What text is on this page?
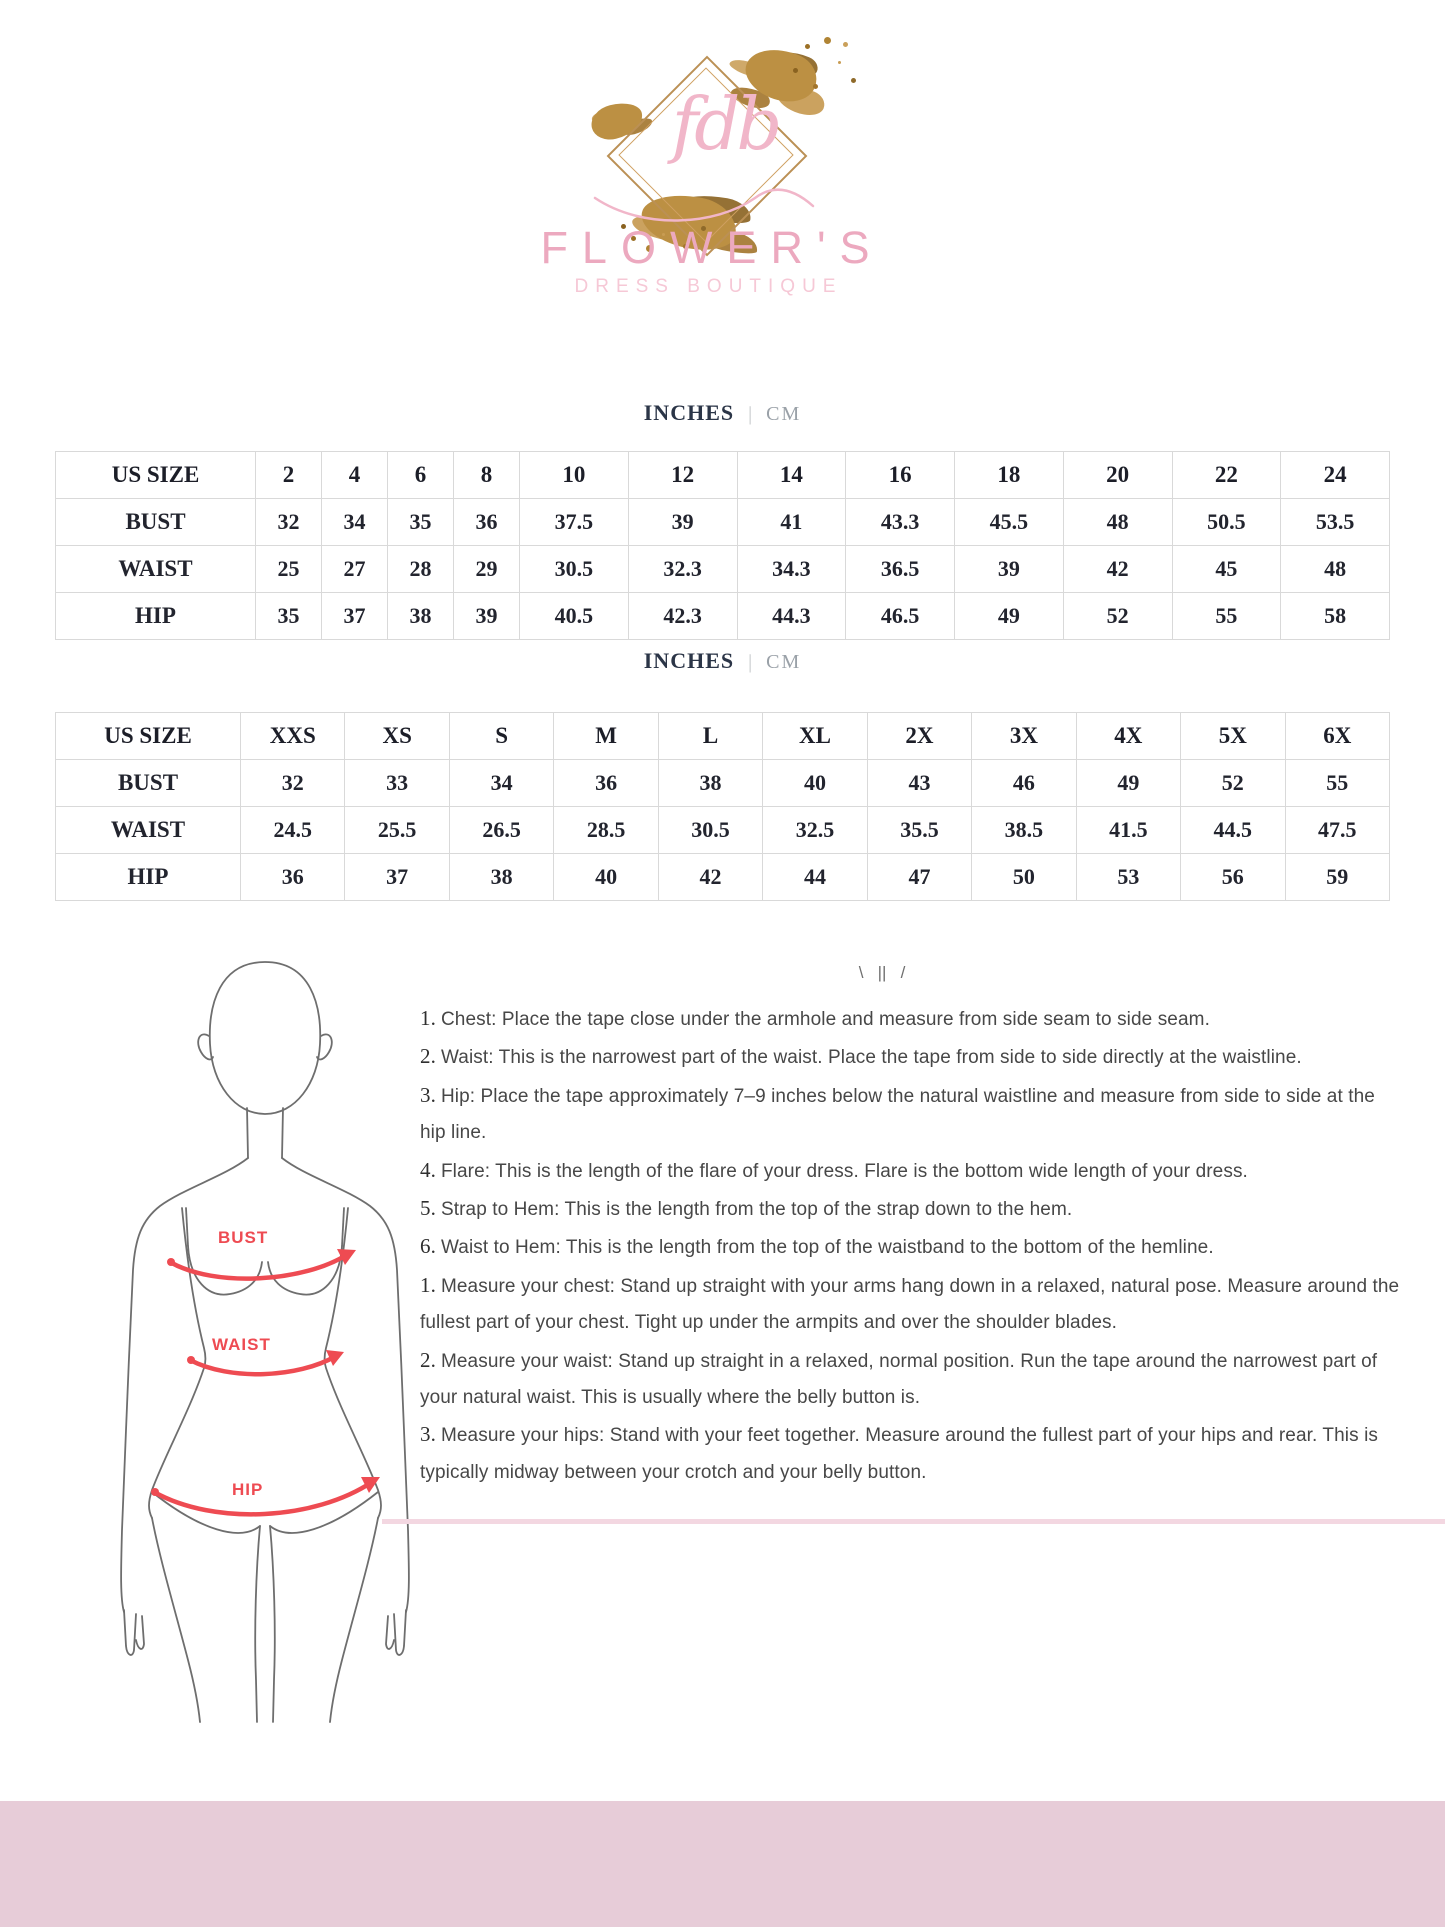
fdb
FLOWER'S
DRESS BOUTIQUE
INCHES | CM
US SIZE	2	4	6	8	10	12	14	16	18	20	22	24
BUST	32	34	35	36	37.5	39	41	43.3	45.5	48	50.5	53.5
WAIST	25	27	28	29	30.5	32.3	34.3	36.5	39	42	45	48
HIP	35	37	38	39	40.5	42.3	44.3	46.5	49	52	55	58
INCHES | CM
US SIZE	XXS	XS	S	M	L	XL	2X	3X	4X	5X	6X
BUST	32	33	34	36	38	40	43	46	49	52	55
WAIST	24.5	25.5	26.5	28.5	30.5	32.5	35.5	38.5	41.5	44.5	47.5
HIP	36	37	38	40	42	44	47	50	53	56	59
BUST
WAIST
HIP
\   ||   /
1. Chest: Place the tape close under the armhole and measure from side seam to side seam.
2. Waist: This is the narrowest part of the waist. Place the tape from side to side directly at the waistline.
3. Hip: Place the tape approximately 7–9 inches below the natural waistline and measure from side to side at the hip line.
4. Flare: This is the length of the flare of your dress. Flare is the bottom wide length of your dress.
5. Strap to Hem: This is the length from the top of the strap down to the hem.
6. Waist to Hem: This is the length from the top of the waistband to the bottom of the hemline.
1. Measure your chest: Stand up straight with your arms hang down in a relaxed, natural pose. Measure around the fullest part of your chest. Tight up under the armpits and over the shoulder blades.
2. Measure your waist: Stand up straight in a relaxed, normal position. Run the tape around the narrowest part of your natural waist. This is usually where the belly button is.
3. Measure your hips: Stand with your feet together. Measure around the fullest part of your hips and rear. This is typically midway between your crotch and your belly button.
